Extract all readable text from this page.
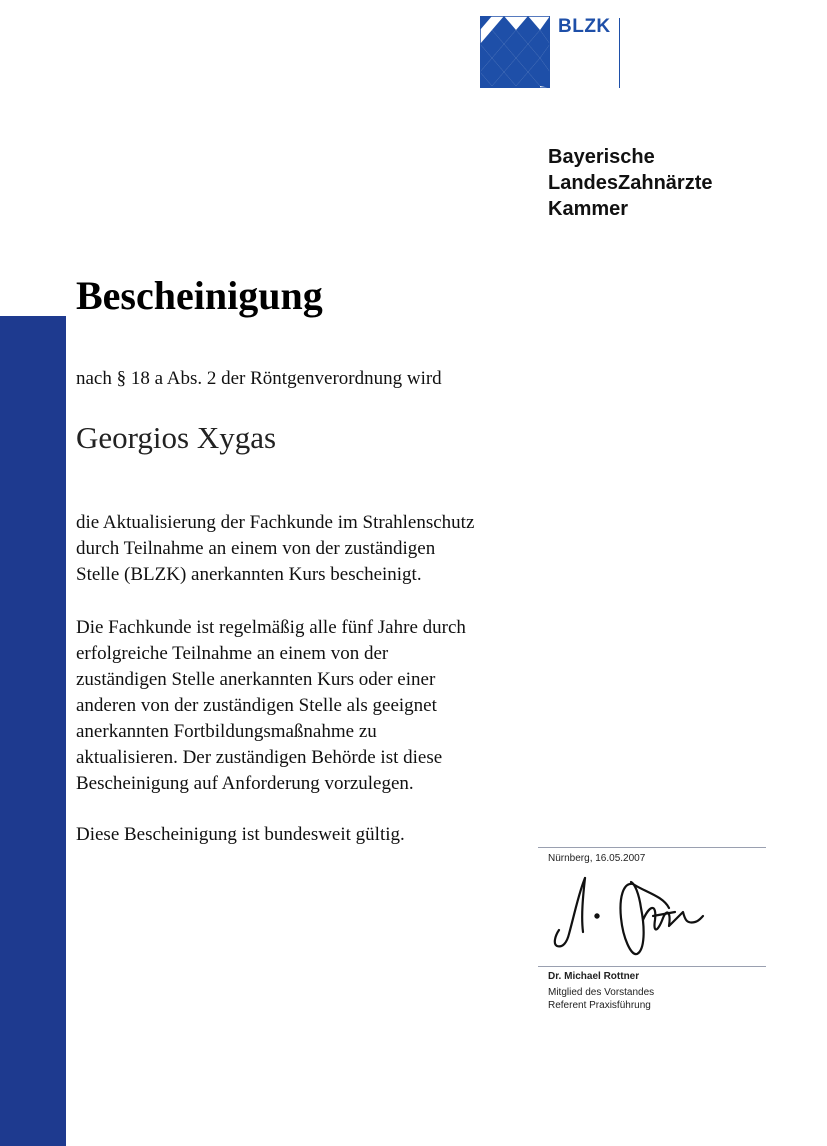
BLZK
Bayerische
LandesZahnärzte
Kammer
Bescheinigung
nach § 18 a Abs. 2 der Röntgenverordnung wird
Georgios Xygas
die Aktualisierung der Fachkunde im Strahlenschutz
durch Teilnahme an einem von der zuständigen
Stelle (BLZK) anerkannten Kurs bescheinigt.
Die Fachkunde ist regelmäßig alle fünf Jahre durch
erfolgreiche Teilnahme an einem von der
zuständigen Stelle anerkannten Kurs oder einer
anderen von der zuständigen Stelle als geeignet
anerkannten Fortbildungsmaßnahme zu
aktualisieren. Der zuständigen Behörde ist diese
Bescheinigung auf Anforderung vorzulegen.
Diese Bescheinigung ist bundesweit gültig.
Nürnberg, 16.05.2007
Dr. Michael Rottner
Mitglied des Vorstandes
Referent Praxisführung
